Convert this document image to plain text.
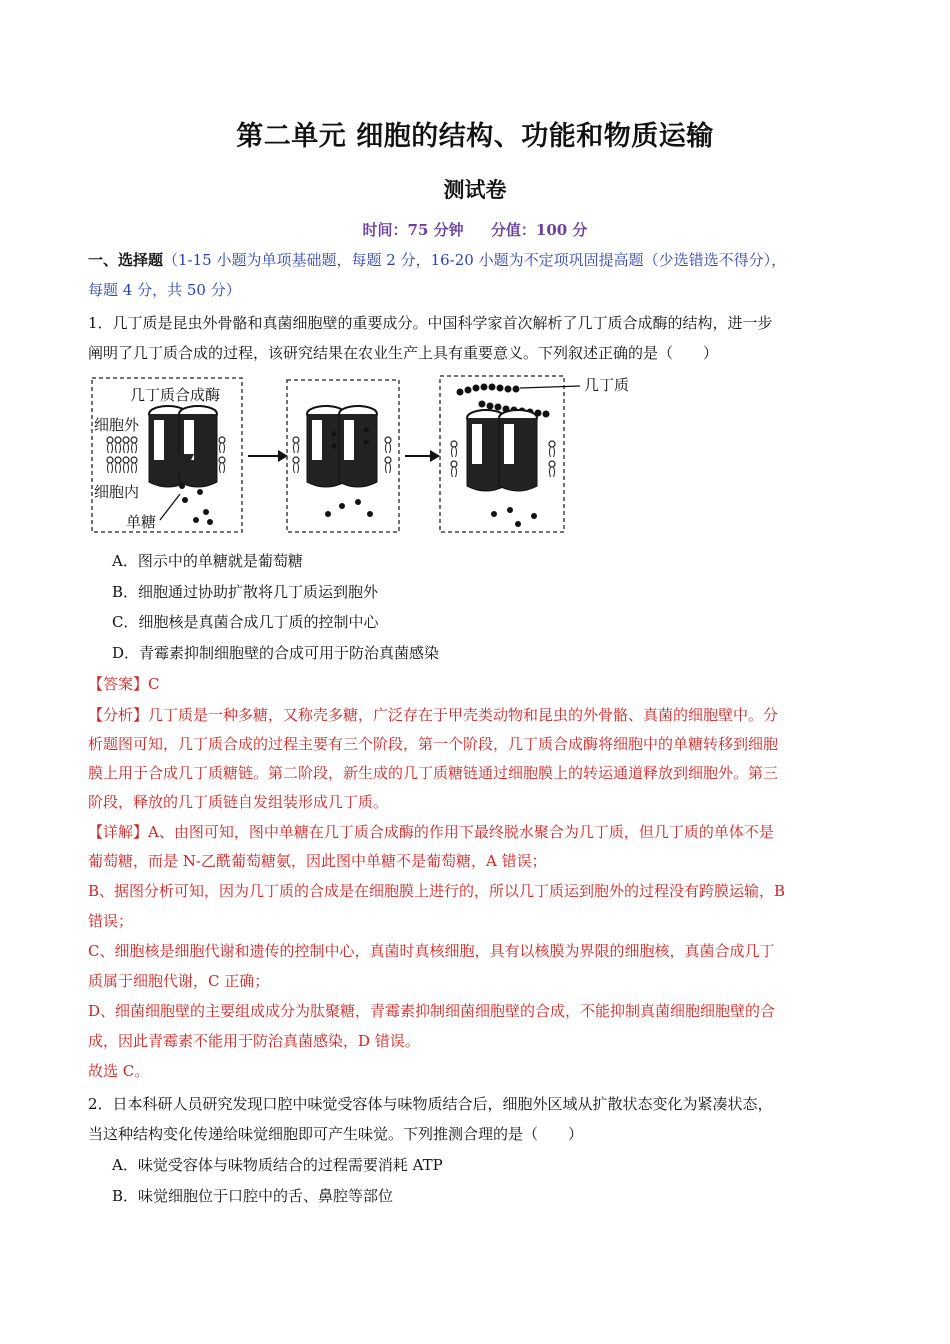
第二单元 细胞的结构、功能和物质运输
测试卷
时间：75 分钟 分值：100 分
一、选择题（1-15 小题为单项基础题，每题 2 分，16-20 小题为不定项巩固提高题（少选错选不得分），
每题 4 分，共 50 分）
1．几丁质是昆虫外骨骼和真菌细胞壁的重要成分。中国科学家首次解析了几丁质合成酶的结构，进一步
阐明了几丁质合成的过程，该研究结果在农业生产上具有重要意义。下列叙述正确的是（　　）
几丁质合成酶
细胞外
细胞内
单糖
几丁质
A．图示中的单糖就是葡萄糖
B．细胞通过协助扩散将几丁质运到胞外
C．细胞核是真菌合成几丁质的控制中心
D．青霉素抑制细胞壁的合成可用于防治真菌感染
【答案】C
【分析】几丁质是一种多糖，又称壳多糖，广泛存在于甲壳类动物和昆虫的外骨骼、真菌的细胞壁中。分
析题图可知，几丁质合成的过程主要有三个阶段，第一个阶段，几丁质合成酶将细胞中的单糖转移到细胞
膜上用于合成几丁质糖链。第二阶段，新生成的几丁质糖链通过细胞膜上的转运通道释放到细胞外。第三
阶段，释放的几丁质链自发组装形成几丁质。
【详解】A、由图可知，图中单糖在几丁质合成酶的作用下最终脱水聚合为几丁质，但几丁质的单体不是
葡萄糖，而是 N-乙酰葡萄糖氨，因此图中单糖不是葡萄糖，A 错误；
B、据图分析可知，因为几丁质的合成是在细胞膜上进行的，所以几丁质运到胞外的过程没有跨膜运输，B
错误；
C、细胞核是细胞代谢和遗传的控制中心，真菌时真核细胞，具有以核膜为界限的细胞核，真菌合成几丁
质属于细胞代谢，C 正确；
D、细菌细胞壁的主要组成成分为肽聚糖，青霉素抑制细菌细胞壁的合成，不能抑制真菌细胞细胞壁的合
成，因此青霉素不能用于防治真菌感染，D 错误。
故选 C。
2．日本科研人员研究发现口腔中味觉受容体与味物质结合后，细胞外区域从扩散状态变化为紧凑状态，
当这种结构变化传递给味觉细胞即可产生味觉。下列推测合理的是（　　）
A．味觉受容体与味物质结合的过程需要消耗 ATP
B．味觉细胞位于口腔中的舌、鼻腔等部位
